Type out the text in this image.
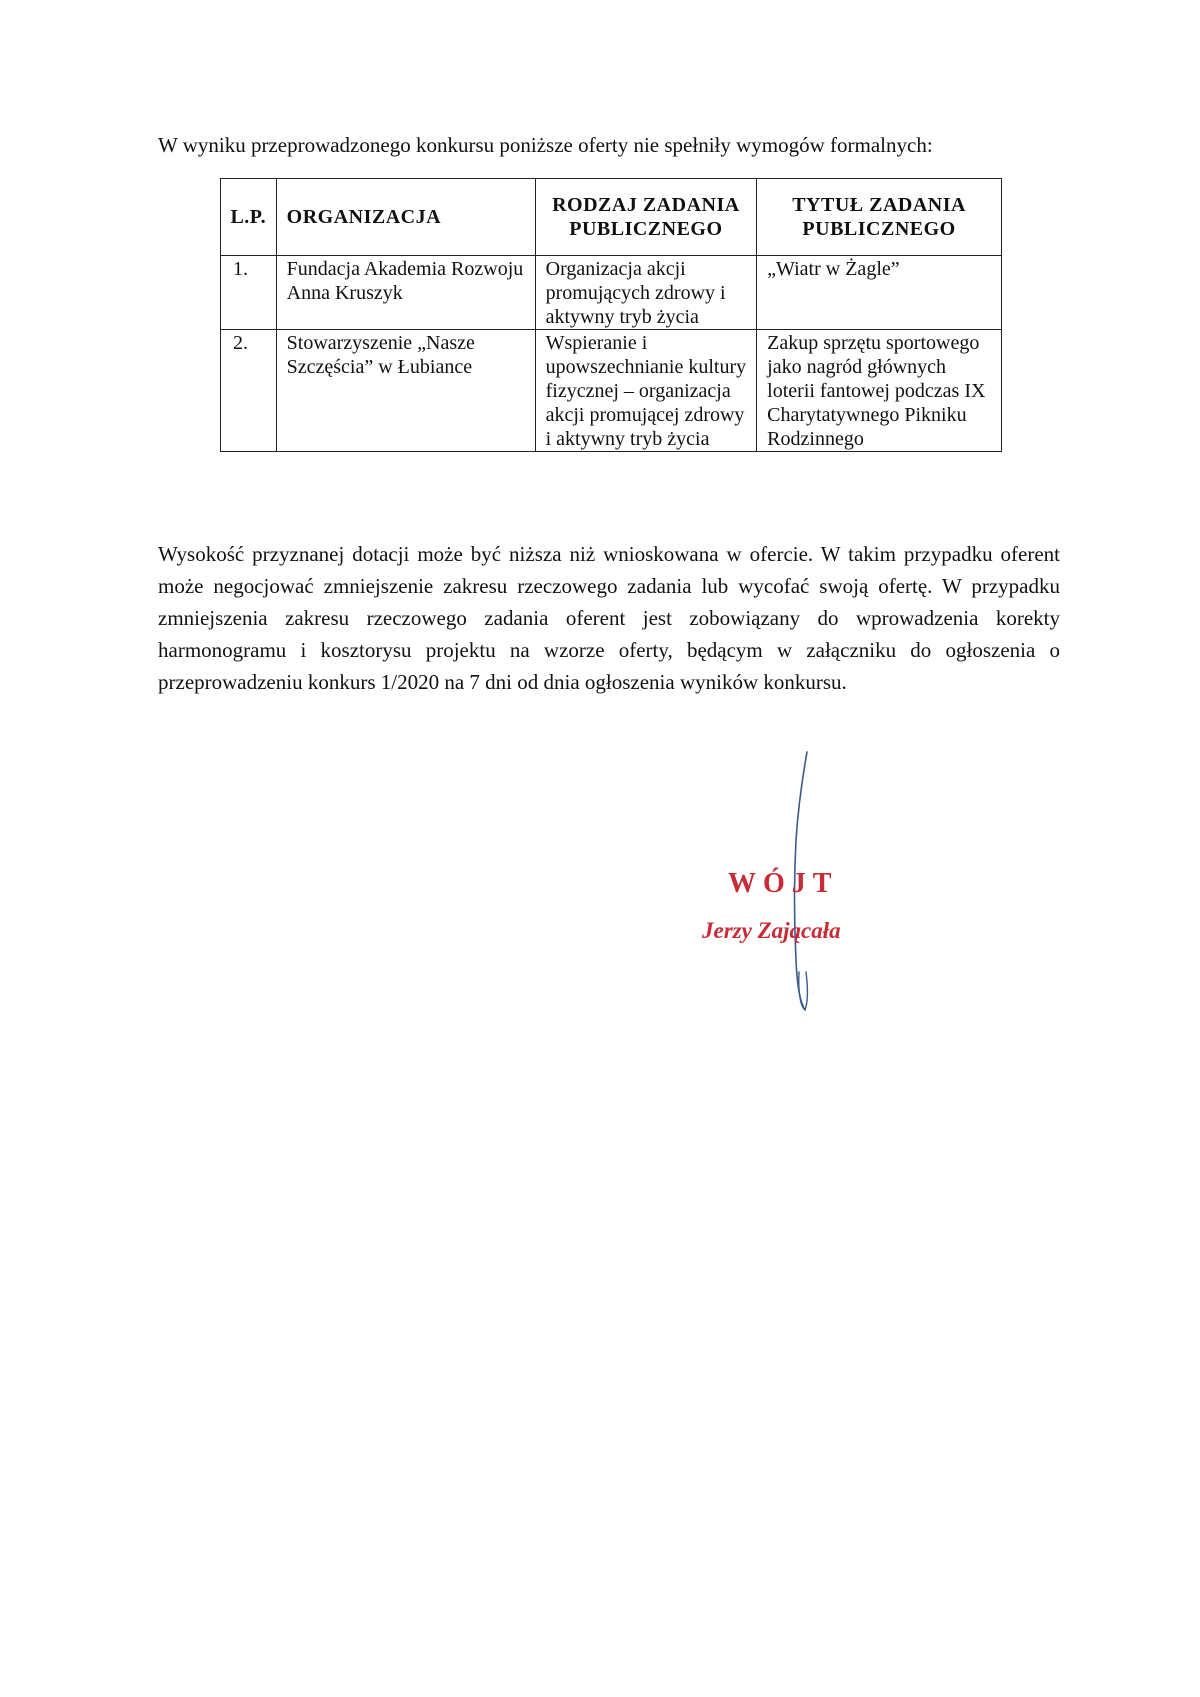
W wyniku przeprowadzonego konkursu poniższe oferty nie spełniły wymogów formalnych:

L.P.	ORGANIZACJA	RODZAJ ZADANIA PUBLICZNEGO	TYTUŁ ZADANIA PUBLICZNEGO
1.	Fundacja Akademia Rozwoju Anna Kruszyk	Organizacja akcji promujących zdrowy i aktywny tryb życia	„Wiatr w Żagle”
2.	Stowarzyszenie „Nasze Szczęścia” w Łubiance	Wspieranie i upowszechnianie kultury fizycznej – organizacja akcji promującej zdrowy i aktywny tryb życia	Zakup sprzętu sportowego jako nagród głównych loterii fantowej podczas IX Charytatywnego Pikniku Rodzinnego

Wysokość przyznanej dotacji może być niższa niż wnioskowana w ofercie. W takim przypadku oferent może negocjować zmniejszenie zakresu rzeczowego zadania lub wycofać swoją ofertę. W przypadku zmniejszenia zakresu rzeczowego zadania oferent jest zobowiązany do wprowadzenia korekty harmonogramu i kosztorysu projektu na wzorze oferty, będącym w załączniku do ogłoszenia o przeprowadzeniu konkurs 1/2020 na 7 dni od dnia ogłoszenia wyników konkursu.

WÓJT
Jerzy Zającała
